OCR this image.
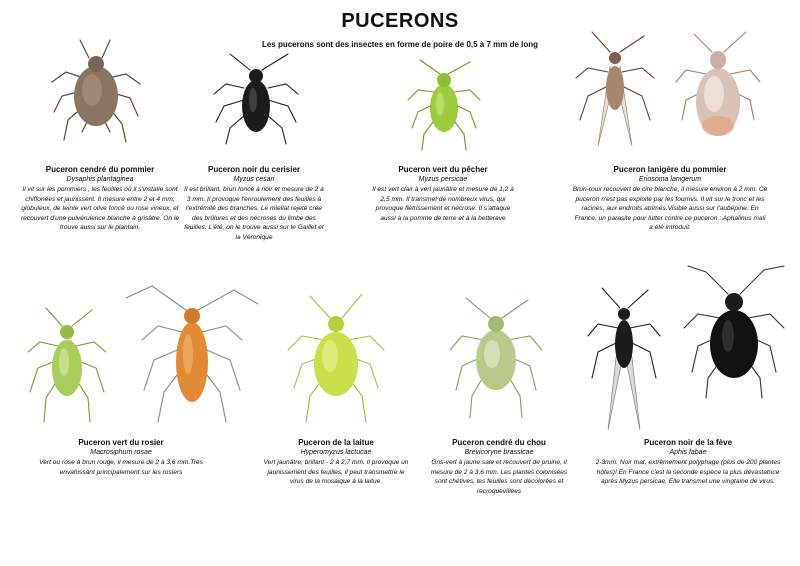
PUCERONS
Les pucerons sont des insectes en forme de poire de 0,5 à 7 mm de long
Puceron cendré du pommier
Dysaphis plantaginea
Il vit sur les pommiers , les feuilles où il s'installe sont chiffonées et jaunissent. Il mesure entre 2 et 4 mm, globuleux, de teinte vert olive foncé ou rose vineux, et recouvert d'une pulvérulence blanche à grisâtre. On le trouve aussi sur le plantain.
Puceron noir du cerisier
Myzus cesari
Il est brillant, brun foncé à noir et mesure de 2 à 3 mm. Il provoque l'enroulement des feuilles à l'extrémité des branches. Le miellat rejeté crée des brûlures et des nécroses du limbe des feuilles. L'été, on le trouve aussi sur le Gaillet et la Véronique
Puceron vert du pêcher
Myzus persicae
Il est vert clair à vert jaunâtre et mesure de 1,2 à 2,5 mm. Il transmet de nombreux virus, qui provoque flétrissement et nécrose. Il s'attaque aussi à la pomme de terre et à la betterave
Puceron lanigère du pommier
Eriosoma lanigerum
Brun-roux recouvert de cire blanche, il mesure environ à 2 mm. Ce puceron n'est pas exploité par les fourmis. Il vit sur le tronc et les racines, aux endroits abîmés.Visible aussi sur l'aubépine. En France, un parasite pour lutter contre ce puceron : Aphalinus mali a été introduit.
Puceron vert du rosier
Macrosiphum rosae
Vert ou rose à brun rouge, il mesure de 2 à 3,6 mm.Tres envahissant principalement sur les rosiers
Puceron de la laitue
Hyperomyzus lactucae
Vert jaunâtre, brillant - 2 à 2,7 mm. Il provoque un jaunissement des feuilles, il peut transmettre le virus de la mosaique à la laitue.
Puceron cendré du chou
Brevicoryne brassicae
Gris-vert à jaune sale et recouvert de pruine, il mesure de 2 à 3,6 mm. Les plantes colonisées sont chétives, les feuilles sont décolorées et recroquevillées
Puceron noir de la fève
Aphis fabae
2-3mm. Noir mat, extrêmement polyphage (plus de 200 plantes hôtes)! En France c'est la seconde espèce la plus dévastatrice après Myzus persicae. Elle transmet une vingtaine de virus.
